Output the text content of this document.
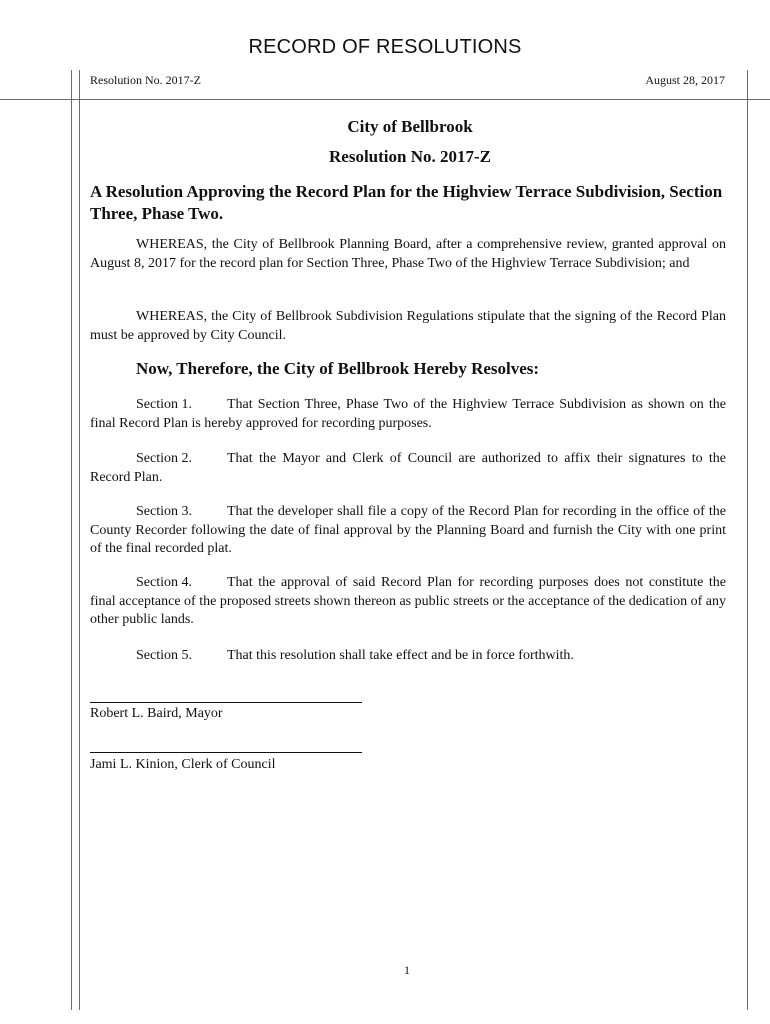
RECORD OF RESOLUTIONS
Resolution No. 2017-Z	August 28, 2017
City of Bellbrook
Resolution No. 2017-Z
A Resolution Approving the Record Plan for the Highview Terrace Subdivision, Section Three, Phase Two.
WHEREAS, the City of Bellbrook Planning Board, after a comprehensive review, granted approval on August 8, 2017 for the record plan for Section Three, Phase Two of the Highview Terrace Subdivision; and
WHEREAS, the City of Bellbrook Subdivision Regulations stipulate that the signing of the Record Plan must be approved by City Council.
Now, Therefore, the City of Bellbrook Hereby Resolves:
Section 1.	That Section Three, Phase Two of the Highview Terrace Subdivision as shown on the final Record Plan is hereby approved for recording purposes.
Section 2.	That the Mayor and Clerk of Council are authorized to affix their signatures to the Record Plan.
Section 3.	That the developer shall file a copy of the Record Plan for recording in the office of the County Recorder following the date of final approval by the Planning Board and furnish the City with one print of the final recorded plat.
Section 4.	That the approval of said Record Plan for recording purposes does not constitute the final acceptance of the proposed streets shown thereon as public streets or the acceptance of the dedication of any other public lands.
Section 5.	That this resolution shall take effect and be in force forthwith.
Robert L. Baird, Mayor
Jami L. Kinion, Clerk of Council
1
